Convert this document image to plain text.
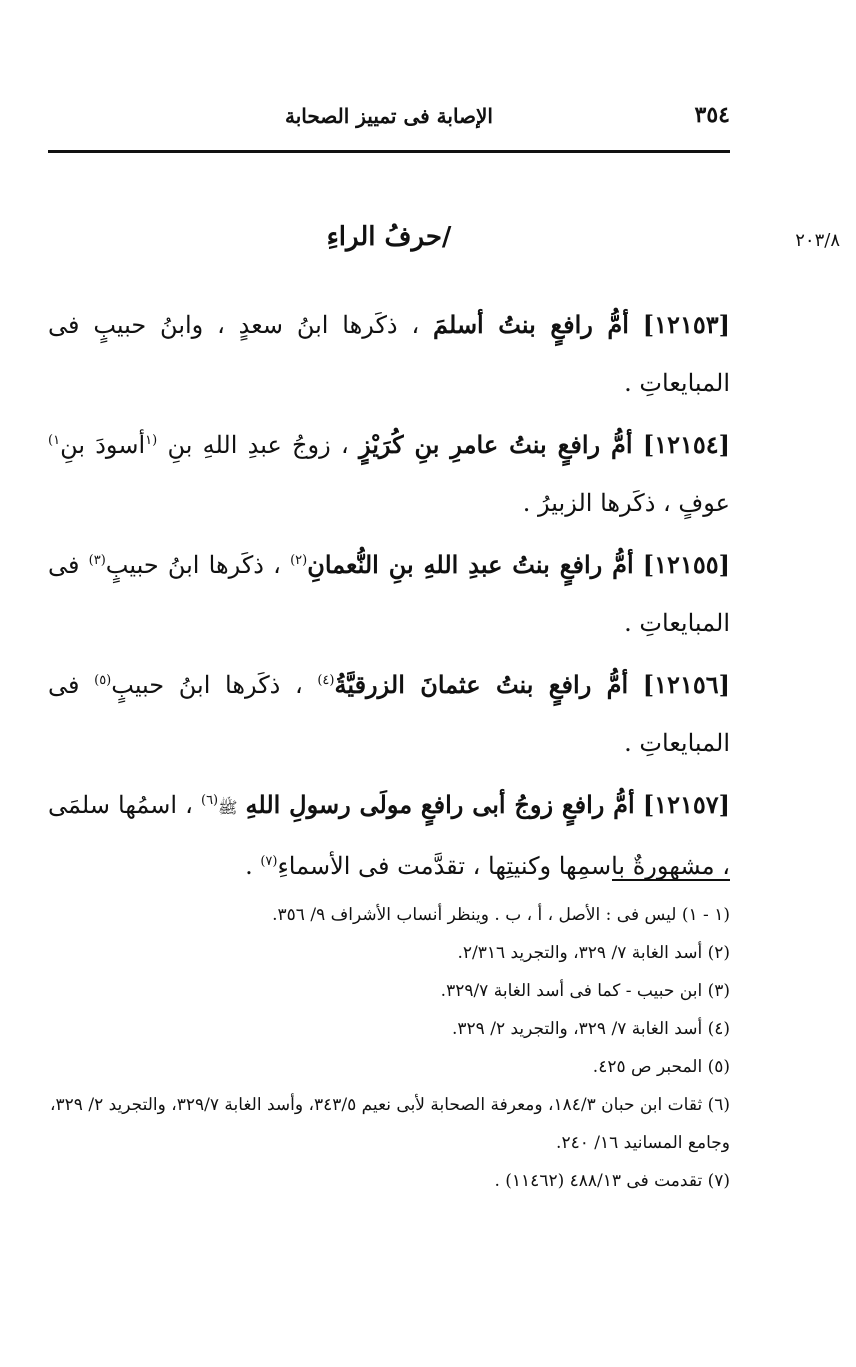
٣٥٤
الإصابة فى تمييز الصحابة
٢٠٣/٨
/حرفُ الراءِ

[١٢١٥٣] أمُّ رافعٍ بنتُ أسلمَ ، ذكَرها ابنُ سعدٍ ، وابنُ حبيبٍ فى المبايعاتِ .

[١٢١٥٤] أمُّ رافعٍ بنتُ عامرِ بنِ كُرَيْزٍ ، زوجُ عبدِ اللهِ بنِ $^{(١}$أسودَ بنِ$^{١)}$ عوفٍ ، ذكَرها الزبيرُ .

[١٢١٥٥] أمُّ رافعٍ بنتُ عبدِ اللهِ بنِ النُّعمانِ$^{(٢)}$ ، ذكَرها ابنُ حبيبٍ$^{(٣)}$ فى المبايعاتِ .

[١٢١٥٦] أمُّ رافعٍ بنتُ عثمانَ الزرقيَّةُ$^{(٤)}$ ، ذكَرها ابنُ حبيبٍ$^{(٥)}$ فى المبايعاتِ .

[١٢١٥٧] أمُّ رافعٍ زوجُ أبى رافعٍ مولَى رسولِ اللهِ ﷺ$^{(٦)}$ ، اسمُها سلمَى ، مشهورةٌ باسمِها وكنيتِها ، تقدَّمت فى الأسماءِ$^{(٧)}$ .

(١ - ١) ليس فى : الأصل ، أ ، ب . وينظر أنساب الأشراف ٩/ ٣٥٦.
(٢) أسد الغابة ٧/ ٣٢٩، والتجريد ٢/٣١٦.
(٣) ابن حبيب - كما فى أسد الغابة ٣٢٩/٧.
(٤) أسد الغابة ٧/ ٣٢٩، والتجريد ٢/ ٣٢٩.
(٥) المحبر ص ٤٢٥.
(٦) ثقات ابن حبان ١٨٤/٣، ومعرفة الصحابة لأبى نعيم ٣٤٣/٥، وأسد الغابة ٣٢٩/٧، والتجريد ٢/ ٣٢٩، وجامع المسانيد ١٦/ ٢٤٠.
(٧) تقدمت فى ٤٨٨/١٣ (١١٤٦٢) .
